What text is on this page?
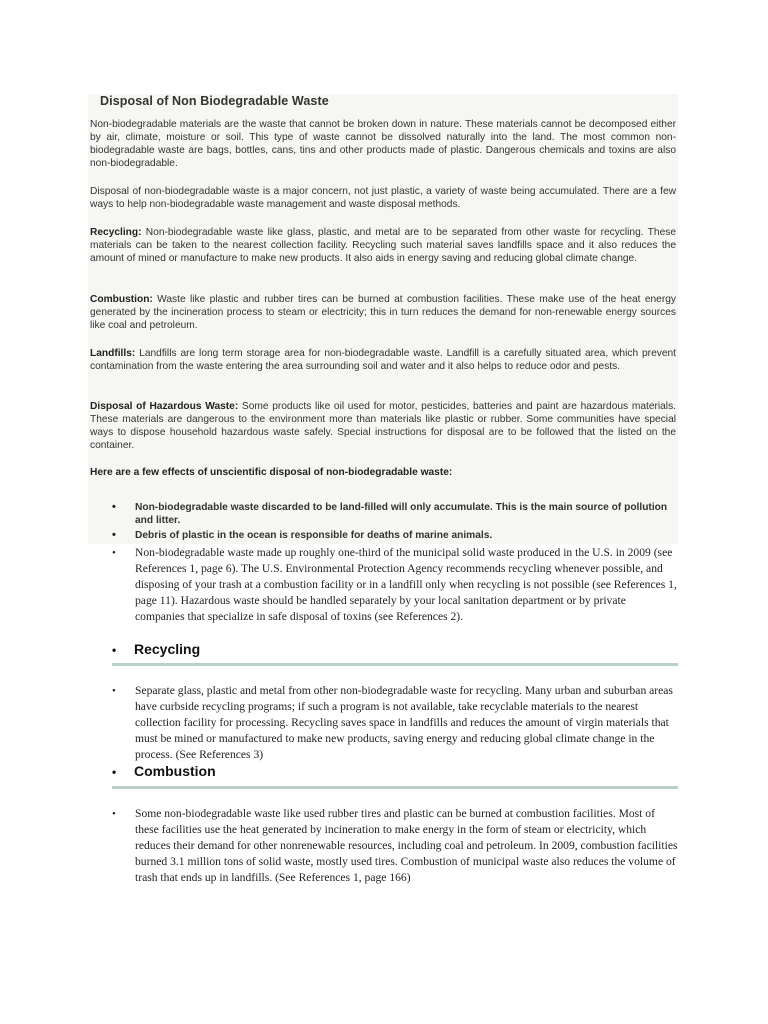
Disposal of Non Biodegradable Waste

Non-biodegradable materials are the waste that cannot be broken down in nature. These materials cannot be decomposed either by air, climate, moisture or soil. This type of waste cannot be dissolved naturally into the land. The most common non-biodegradable waste are bags, bottles, cans, tins and other products made of plastic. Dangerous chemicals and toxins are also non-biodegradable.

Disposal of non-biodegradable waste is a major concern, not just plastic, a variety of waste being accumulated. There are a few ways to help non-biodegradable waste management and waste disposal methods.

Recycling: Non-biodegradable waste like glass, plastic, and metal are to be separated from other waste for recycling. These materials can be taken to the nearest collection facility. Recycling such material saves landfills space and it also reduces the amount of mined or manufacture to make new products. It also aids in energy saving and reducing global climate change.

Combustion: Waste like plastic and rubber tires can be burned at combustion facilities. These make use of the heat energy generated by the incineration process to steam or electricity; this in turn reduces the demand for non-renewable energy sources like coal and petroleum.

Landfills: Landfills are long term storage area for non-biodegradable waste. Landfill is a carefully situated area, which prevent contamination from the waste entering the area surrounding soil and water and it also helps to reduce odor and pests.

Disposal of Hazardous Waste: Some products like oil used for motor, pesticides, batteries and paint are hazardous materials. These materials are dangerous to the environment more than materials like plastic or rubber. Some communities have special ways to dispose household hazardous waste safely. Special instructions for disposal are to be followed that the listed on the container.

Here are a few effects of unscientific disposal of non-biodegradable waste:

• Non-biodegradable waste discarded to be land-filled will only accumulate. This is the main source of pollution and litter.
• Debris of plastic in the ocean is responsible for deaths of marine animals.
• Non-biodegradable waste made up roughly one-third of the municipal solid waste produced in the U.S. in 2009 (see References 1, page 6). The U.S. Environmental Protection Agency recommends recycling whenever possible, and disposing of your trash at a combustion facility or in a landfill only when recycling is not possible (see References 1, page 11). Hazardous waste should be handled separately by your local sanitation department or by private companies that specialize in safe disposal of toxins (see References 2).
• Recycling
• Separate glass, plastic and metal from other non-biodegradable waste for recycling. Many urban and suburban areas have curbside recycling programs; if such a program is not available, take recyclable materials to the nearest collection facility for processing. Recycling saves space in landfills and reduces the amount of virgin materials that must be mined or manufactured to make new products, saving energy and reducing global climate change in the process. (See References 3)
• Combustion
• Some non-biodegradable waste like used rubber tires and plastic can be burned at combustion facilities. Most of these facilities use the heat generated by incineration to make energy in the form of steam or electricity, which reduces their demand for other nonrenewable resources, including coal and petroleum. In 2009, combustion facilities burned 3.1 million tons of solid waste, mostly used tires. Combustion of municipal waste also reduces the volume of trash that ends up in landfills. (See References 1, page 166)
